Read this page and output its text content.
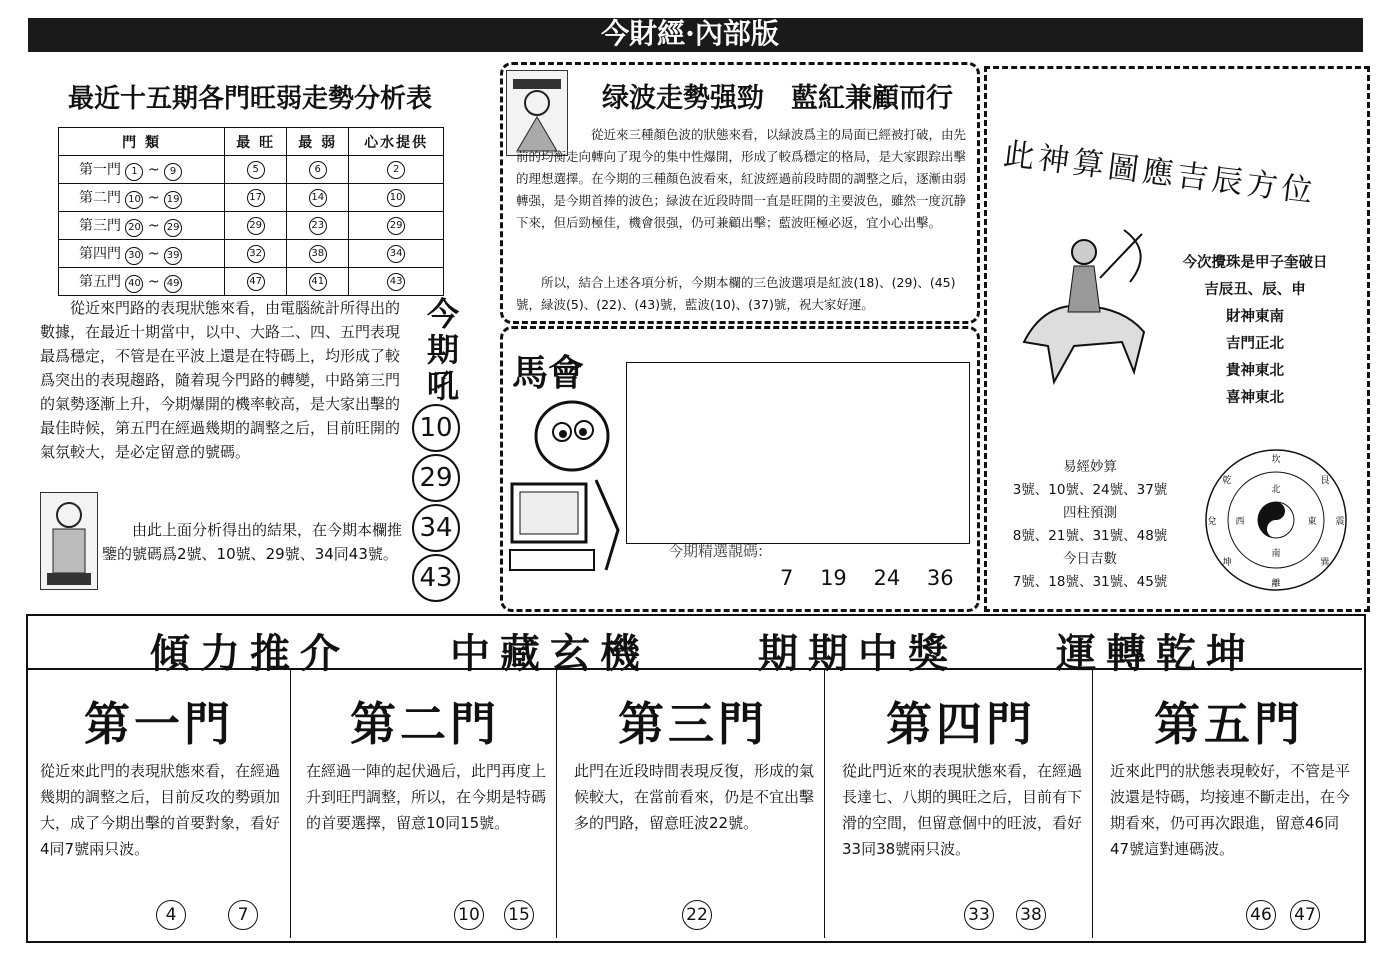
今財經·內部版
最近十五期各門旺弱走勢分析表
門 類	最 旺	最 弱	心水提供
第一門 1 ~ 9	5	6	2
第二門 10 ~ 19	17	14	10
第三門 20 ~ 29	29	23	29
第四門 30 ~ 39	32	38	34
第五門 40 ~ 49	47	41	43
從近來門路的表現狀態來看，由電腦統計所得出的數據，在最近十期當中，以中、大路二、四、五門表現最爲穩定，不管是在平波上還是在特碼上，均形成了較爲突出的表現趨路，隨着現今門路的轉變，中路第三門的氣勢逐漸上升，今期爆開的機率較高，是大家出擊的最佳時候，第五門在經過幾期的調整之后，目前旺開的氣氛較大，是必定留意的號碼。
由此上面分析得出的結果，在今期本欄推鑒的號碼爲2號、10號、29號、34同43號。
今
期
吼
10
29
34
43
绿波走勢强勁　藍紅兼顧而行
從近來三種顏色波的狀態來看，以緑波爲主的局面已經被打破，由先前的均衡走向轉向了現今的集中性爆開，形成了較爲穩定的格局，是大家跟踪出擊的理想選擇。在今期的三種顏色波看來，紅波經過前段時間的調整之后，逐漸由弱轉强，是今期首捧的波色；緑波在近段時間一直是旺開的主要波色，雖然一度沉静下來，但后勁極佳，機會很强，仍可兼顧出擊；藍波旺極必返，宜小心出擊。
所以，結合上述各項分析，今期本欄的三色波選項是紅波(18)、(29)、(45)號，緑波(5)、(22)、(43)號，藍波(10)、(37)號，祝大家好運。
馬會
今期精選靚碼:
7 19 24 36
此神算圖應吉辰方位
今次攪珠是甲子奎破日
吉辰丑、辰、申
財神東南
吉門正北
貴神東北
喜神東北
易經妙算
3號、10號、24號、37號
四柱預測
8號、21號、31號、48號
今日吉數
7號、18號、31號、45號
坎
艮
震
巽
離
坤
兌
乾
北
西	東
南
傾力推介	中藏玄機	期期中獎 運轉乾坤
第一門
從近來此門的表現狀態來看，在經過幾期的調整之后，目前反攻的勢頭加大，成了今期出擊的首要對象，看好4同7號兩只波。
4	7
第二門
在經過一陣的起伏過后，此門再度上升到旺門調整，所以，在今期是特碼的首要選擇，留意10同15號。
10 15
第三門
此門在近段時間表現反復，形成的氣候較大，在當前看來，仍是不宜出擊多的門路，留意旺波22號。
22
第四門
從此門近來的表現狀態來看，在經過長達七、八期的興旺之后，目前有下滑的空間，但留意個中的旺波，看好33同38號兩只波。
33 38
第五門
近來此門的狀態表現較好，不管是平波還是特碼，均接連不斷走出，在今期看來，仍可再次跟進，留意46同47號這對連碼波。
46 47
